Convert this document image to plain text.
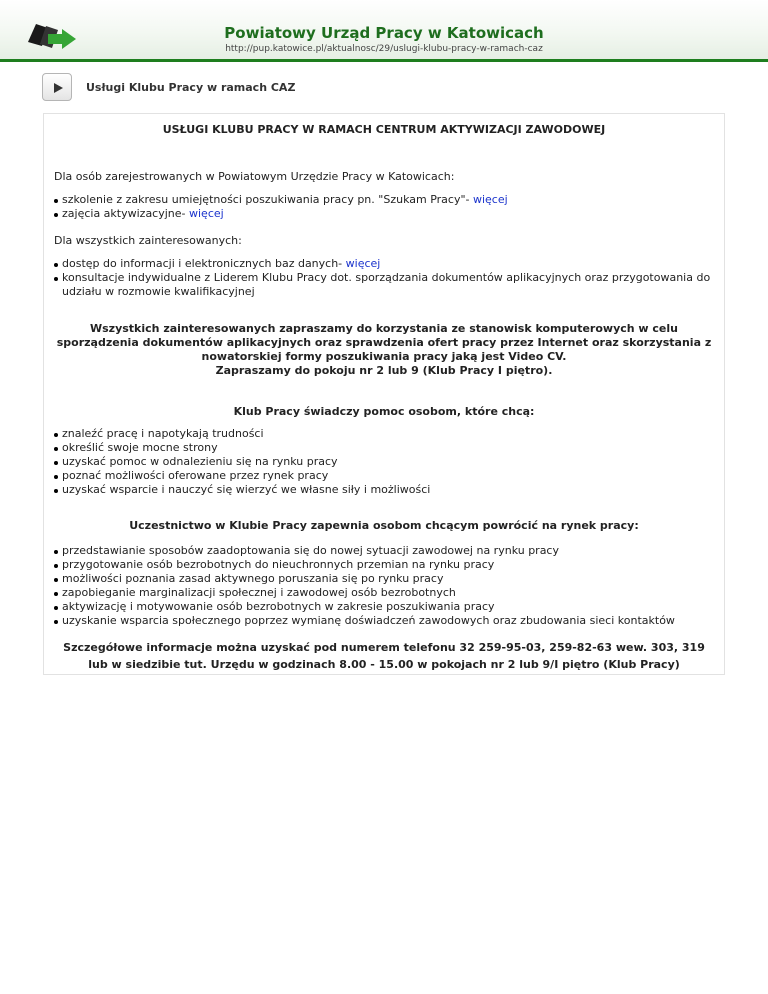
Powiatowy Urząd Pracy w Katowicach
http://pup.katowice.pl/aktualnosc/29/uslugi-klubu-pracy-w-ramach-caz
Usługi Klubu Pracy w ramach CAZ

USŁUGI KLUBU PRACY W RAMACH CENTRUM AKTYWIZACJI ZAWODOWEJ

Dla osób zarejestrowanych w Powiatowym Urzędzie Pracy w Katowicach:

szkolenie z zakresu umiejętności poszukiwania pracy pn. "Szukam Pracy"- więcej
zajęcia aktywizacyjne- więcej

Dla wszystkich zainteresowanych:

dostęp do informacji i elektronicznych baz danych- więcej
konsultacje indywidualne z Liderem Klubu Pracy dot. sporządzania dokumentów aplikacyjnych oraz przygotowania do udziału w rozmowie kwalifikacyjnej

Wszystkich zainteresowanych zapraszamy do korzystania ze stanowisk komputerowych w celu sporządzenia dokumentów aplikacyjnych oraz sprawdzenia ofert pracy przez Internet oraz skorzystania z nowatorskiej formy poszukiwania pracy jaką jest Video CV.

Zapraszamy do pokoju nr 2 lub 9 (Klub Pracy I piętro).

Klub Pracy świadczy pomoc osobom, które chcą:

znaleźć pracę i napotykają trudności
określić swoje mocne strony
uzyskać pomoc w odnalezieniu się na rynku pracy
poznać możliwości oferowane przez rynek pracy
uzyskać wsparcie i nauczyć się wierzyć we własne siły i możliwości

Uczestnictwo w Klubie Pracy zapewnia osobom chcącym powrócić na rynek pracy:

przedstawianie sposobów zaadoptowania się do nowej sytuacji zawodowej na rynku pracy
przygotowanie osób bezrobotnych do nieuchronnych przemian na rynku pracy
możliwości poznania zasad aktywnego poruszania się po rynku pracy
zapobieganie marginalizacji społecznej i zawodowej osób bezrobotnych
aktywizację i motywowanie osób bezrobotnych w zakresie poszukiwania pracy
uzyskanie wsparcia społecznego poprzez wymianę doświadczeń zawodowych oraz zbudowania sieci kontaktów

Szczegółowe informacje można uzyskać pod numerem telefonu 32 259-95-03, 259-82-63 wew. 303, 319

lub w siedzibie tut. Urzędu w godzinach 8.00 - 15.00 w pokojach nr 2 lub 9/I piętro (Klub Pracy)
